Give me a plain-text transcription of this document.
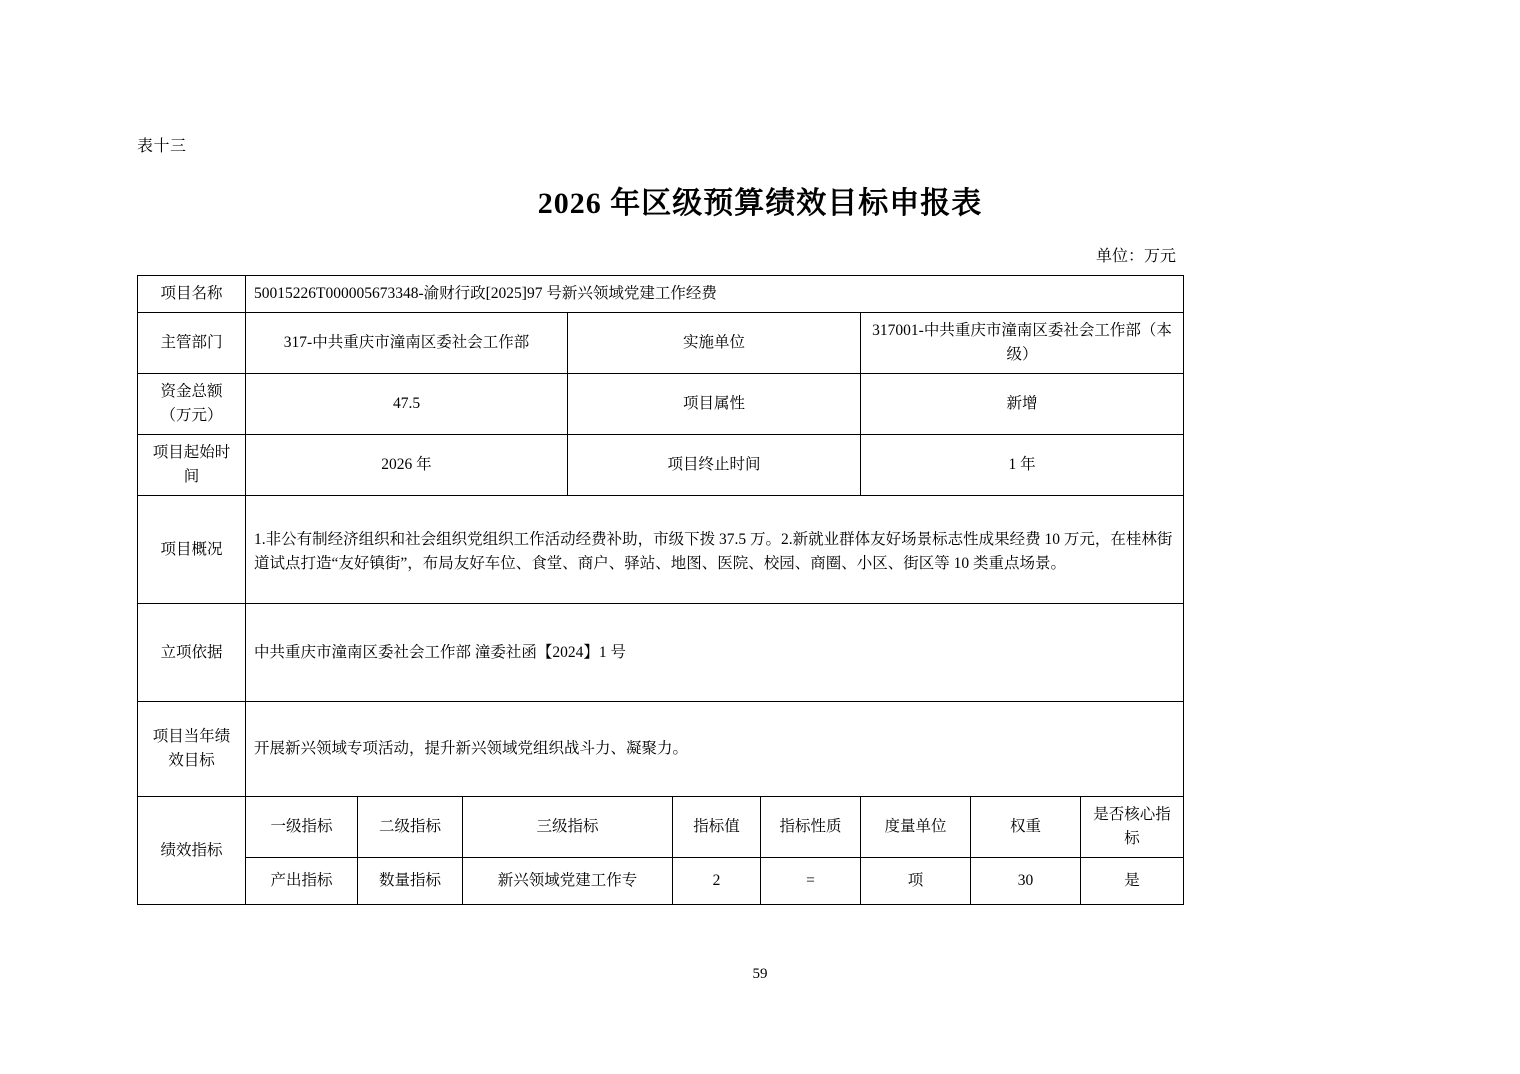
表十三
2026 年区级预算绩效目标申报表
单位：万元
项目名称	50015226T000005673348-渝财行政[2025]97 号新兴领域党建工作经费								
主管部门	317-中共重庆市潼南区委社会工作部			实施单位			317001-中共重庆市潼南区委社会工作部（本级）		
资金总额（万元）	47.5			项目属性			新增		
项目起始时间	2026 年			项目终止时间			1 年		
项目概况	1.非公有制经济组织和社会组织党组织工作活动经费补助，市级下拨 37.5 万。2.新就业群体友好场景标志性成果经费 10 万元，在桂林街道试点打造“友好镇街”，布局友好车位、食堂、商户、驿站、地图、医院、校园、商圈、小区、街区等 10 类重点场景。								
立项依据	中共重庆市潼南区委社会工作部 潼委社函【2024】1 号								
项目当年绩效目标	开展新兴领域专项活动，提升新兴领域党组织战斗力、凝聚力。								
绩效指标	一级指标	二级指标	三级指标		指标值	指标性质	度量单位	权重	是否核心指标
	产出指标	数量指标	新兴领域党建工作专		2	=	项	30	是
59
